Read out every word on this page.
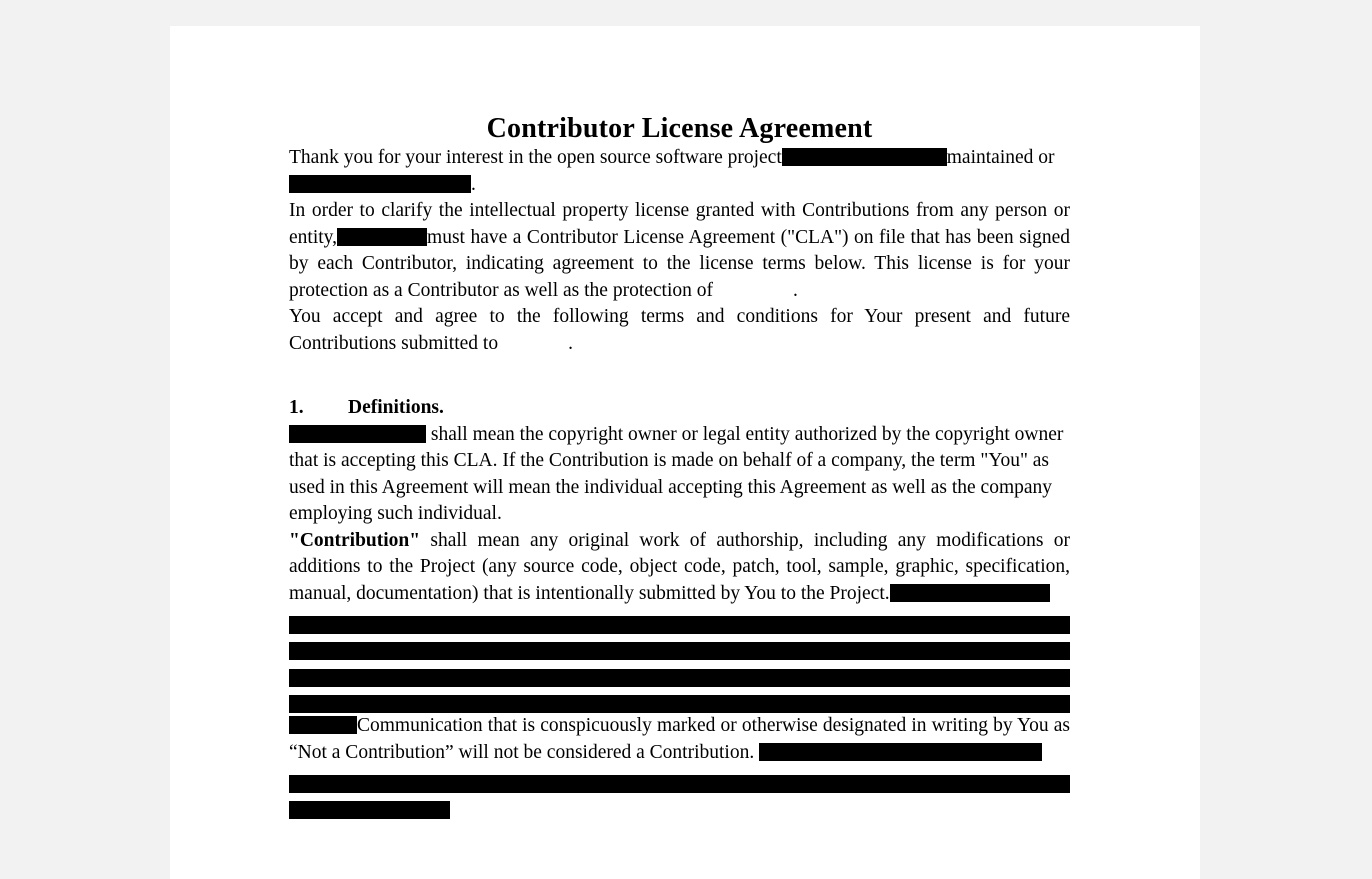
Contributor License Agreement

Thank you for your interest in the open source software project	maintained or
.

In order to clarify the intellectual property license granted with Contributions from any person or entity,	must have a Contributor License Agreement ("CLA") on file that has been signed by each Contributor, indicating agreement to the license terms below. This license is for your protection as a Contributor as well as the protection of	.

You accept and agree to the following terms and conditions for Your present and future Contributions submitted to	.

1. Definitions.

shall mean the copyright owner or legal entity authorized by the copyright owner that is accepting this CLA. If the Contribution is made on behalf of a company, the term "You" as used in this Agreement will mean the individual accepting this Agreement as well as the company employing such individual.

"Contribution" shall mean any original work of authorship, including any modifications or additions to the Project (any source code, object code, patch, tool, sample, graphic, specification, manual, documentation) that is intentionally submitted by You to the Project.

Communication that is conspicuously marked or otherwise designated in writing by You as “Not a Contribution” will not be considered a Contribution.
